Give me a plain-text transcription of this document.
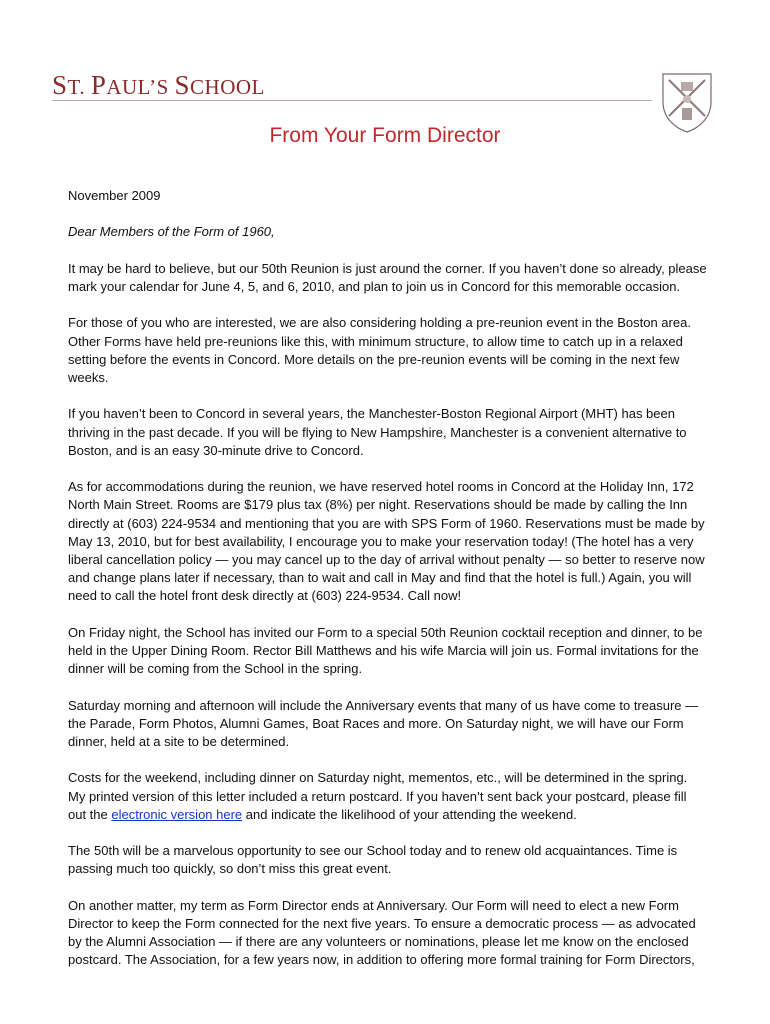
ST. PAUL’S SCHOOL
From Your Form Director

November 2009

Dear Members of the Form of 1960,

It may be hard to believe, but our 50th Reunion is just around the corner. If you haven’t done so already, please mark your calendar for June 4, 5, and 6, 2010, and plan to join us in Concord for this memorable occasion.

For those of you who are interested, we are also considering holding a pre-reunion event in the Boston area. Other Forms have held pre-reunions like this, with minimum structure, to allow time to catch up in a relaxed setting before the events in Concord. More details on the pre-reunion events will be coming in the next few weeks.

If you haven’t been to Concord in several years, the Manchester-Boston Regional Airport (MHT) has been thriving in the past decade. If you will be flying to New Hampshire, Manchester is a convenient alternative to Boston, and is an easy 30-minute drive to Concord.

As for accommodations during the reunion, we have reserved hotel rooms in Concord at the Holiday Inn, 172 North Main Street. Rooms are $179 plus tax (8%) per night. Reservations should be made by calling the Inn directly at (603) 224-9534 and mentioning that you are with SPS Form of 1960. Reservations must be made by May 13, 2010, but for best availability, I encourage you to make your reservation today! (The hotel has a very liberal cancellation policy — you may cancel up to the day of arrival without penalty — so better to reserve now and change plans later if necessary, than to wait and call in May and find that the hotel is full.) Again, you will need to call the hotel front desk directly at (603) 224-9534. Call now!

On Friday night, the School has invited our Form to a special 50th Reunion cocktail reception and dinner, to be held in the Upper Dining Room. Rector Bill Matthews and his wife Marcia will join us. Formal invitations for the dinner will be coming from the School in the spring.

Saturday morning and afternoon will include the Anniversary events that many of us have come to treasure — the Parade, Form Photos, Alumni Games, Boat Races and more. On Saturday night, we will have our Form dinner, held at a site to be determined.

Costs for the weekend, including dinner on Saturday night, mementos, etc., will be determined in the spring. My printed version of this letter included a return postcard. If you haven’t sent back your postcard, please fill out the electronic version here and indicate the likelihood of your attending the weekend.

The 50th will be a marvelous opportunity to see our School today and to renew old acquaintances. Time is passing much too quickly, so don’t miss this great event.

On another matter, my term as Form Director ends at Anniversary. Our Form will need to elect a new Form Director to keep the Form connected for the next five years. To ensure a democratic process — as advocated by the Alumni Association — if there are any volunteers or nominations, please let me know on the enclosed postcard. The Association, for a few years now, in addition to offering more formal training for Form Directors,
